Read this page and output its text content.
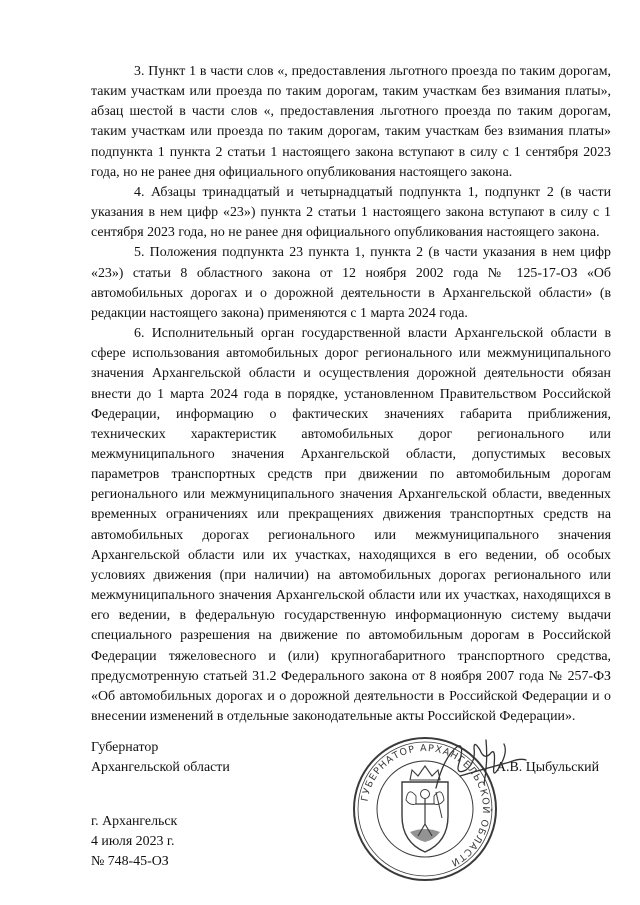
3. Пункт 1 в части слов «, предоставления льготного проезда по таким дорогам, таким участкам или проезда по таким дорогам, таким участкам без взимания платы», абзац шестой в части слов «, предоставления льготного проезда по таким дорогам, таким участкам или проезда по таким дорогам, таким участкам без взимания платы» подпункта 1 пункта 2 статьи 1 настоящего закона вступают в силу с 1 сентября 2023 года, но не ранее дня официального опубликования настоящего закона.

4. Абзацы тринадцатый и четырнадцатый подпункта 1, подпункт 2 (в части указания в нем цифр «23») пункта 2 статьи 1 настоящего закона вступают в силу с 1 сентября 2023 года, но не ранее дня официального опубликования настоящего закона.

5. Положения подпункта 23 пункта 1, пункта 2 (в части указания в нем цифр «23») статьи 8 областного закона от 12 ноября 2002 года № 125-17-ОЗ «Об автомобильных дорогах и о дорожной деятельности в Архангельской области» (в редакции настоящего закона) применяются с 1 марта 2024 года.

6. Исполнительный орган государственной власти Архангельской области в сфере использования автомобильных дорог регионального или межмуниципального значения Архангельской области и осуществления дорожной деятельности обязан внести до 1 марта 2024 года в порядке, установленном Правительством Российской Федерации, информацию о фактических значениях габарита приближения, технических характеристик автомобильных дорог регионального или межмуниципального значения Архангельской области, допустимых весовых параметров транспортных средств при движении по автомобильным дорогам регионального или межмуниципального значения Архангельской области, введенных временных ограничениях или прекращениях движения транспортных средств на автомобильных дорогах регионального или межмуниципального значения Архангельской области или их участках, находящихся в его ведении, об особых условиях движения (при наличии) на автомобильных дорогах регионального или межмуниципального значения Архангельской области или их участках, находящихся в его ведении, в федеральную государственную информационную систему выдачи специального разрешения на движение по автомобильным дорогам в Российской Федерации тяжеловесного и (или) крупногабаритного транспортного средства, предусмотренную статьей 31.2 Федерального закона от 8 ноября 2007 года № 257-ФЗ «Об автомобильных дорогах и о дорожной деятельности в Российской Федерации и о внесении изменений в отдельные законодательные акты Российской Федерации».

Губернатор
Архангельской области	А.В. Цыбульский
г. Архангельск
4 июля 2023 г.
№ 748-45-ОЗ
ГУБЕРНАТОР АРХАНГЕЛЬСКОЙ ОБЛАСТИ
